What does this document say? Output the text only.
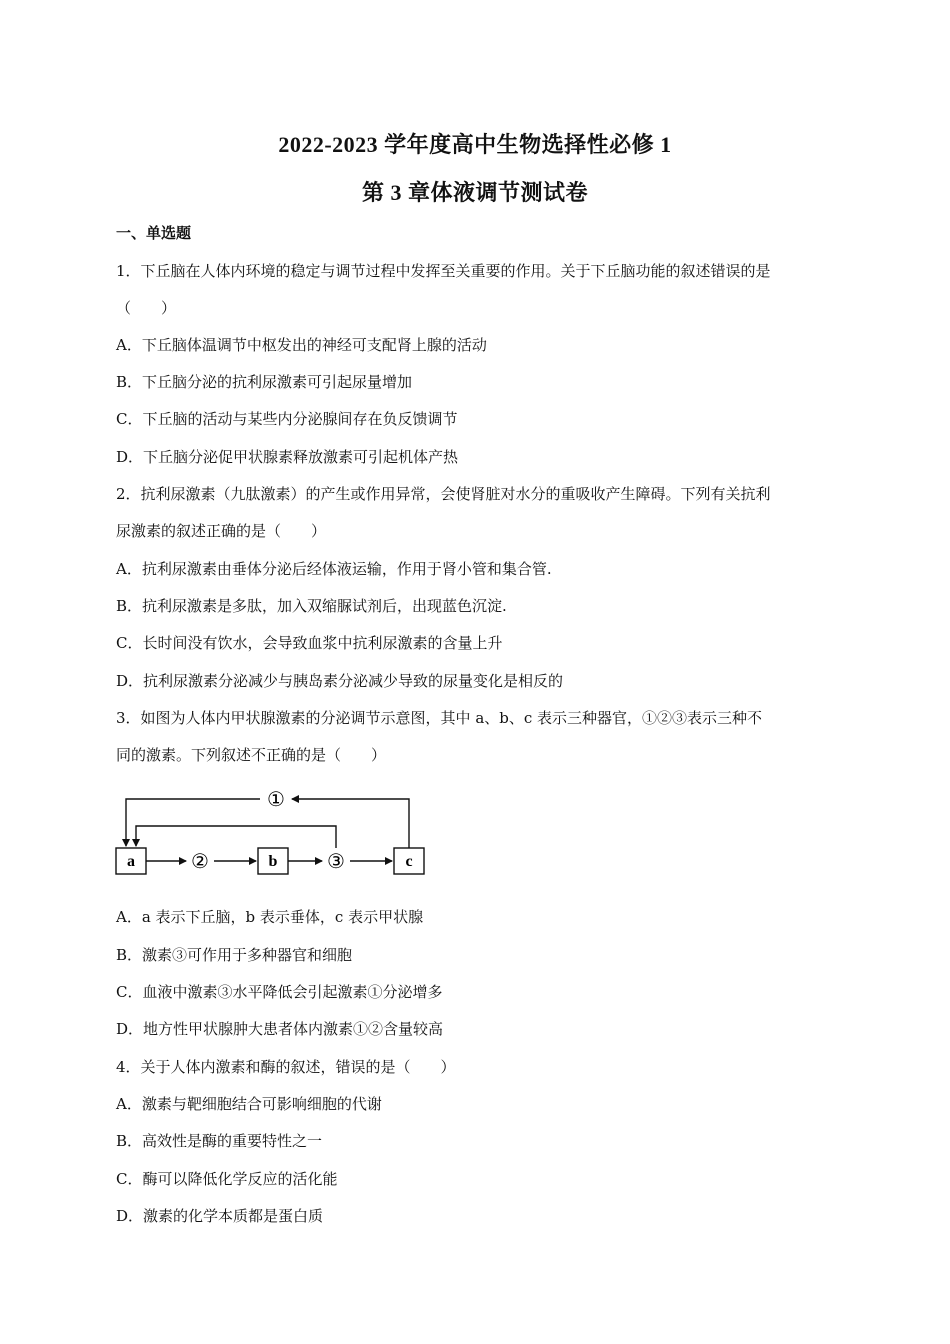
2022-2023 学年度高中生物选择性必修 1
第 3 章体液调节测试卷
一、单选题
1．下丘脑在人体内环境的稳定与调节过程中发挥至关重要的作用。关于下丘脑功能的叙述错误的是
（　　）
A．下丘脑体温调节中枢发出的神经可支配肾上腺的活动
B．下丘脑分泌的抗利尿激素可引起尿量增加
C．下丘脑的活动与某些内分泌腺间存在负反馈调节
D．下丘脑分泌促甲状腺素释放激素可引起机体产热
2．抗利尿激素（九肽激素）的产生或作用异常，会使肾脏对水分的重吸收产生障碍。下列有关抗利
尿激素的叙述正确的是（　　）
A．抗利尿激素由垂体分泌后经体液运输，作用于肾小管和集合管.
B．抗利尿激素是多肽，加入双缩脲试剂后，出现蓝色沉淀.
C．长时间没有饮水，会导致血浆中抗利尿激素的含量上升
D．抗利尿激素分泌减少与胰岛素分泌减少导致的尿量变化是相反的
3．如图为人体内甲状腺激素的分泌调节示意图，其中 a、b、c 表示三种器官，①②③表示三种不
同的激素。下列叙述不正确的是（　　）
a	b	c
②	③
①
A．a 表示下丘脑，b 表示垂体，c 表示甲状腺
B．激素③可作用于多种器官和细胞
C．血液中激素③水平降低会引起激素①分泌增多
D．地方性甲状腺肿大患者体内激素①②含量较高
4．关于人体内激素和酶的叙述，错误的是（　　）
A．激素与靶细胞结合可影响细胞的代谢
B．高效性是酶的重要特性之一
C．酶可以降低化学反应的活化能
D．激素的化学本质都是蛋白质
